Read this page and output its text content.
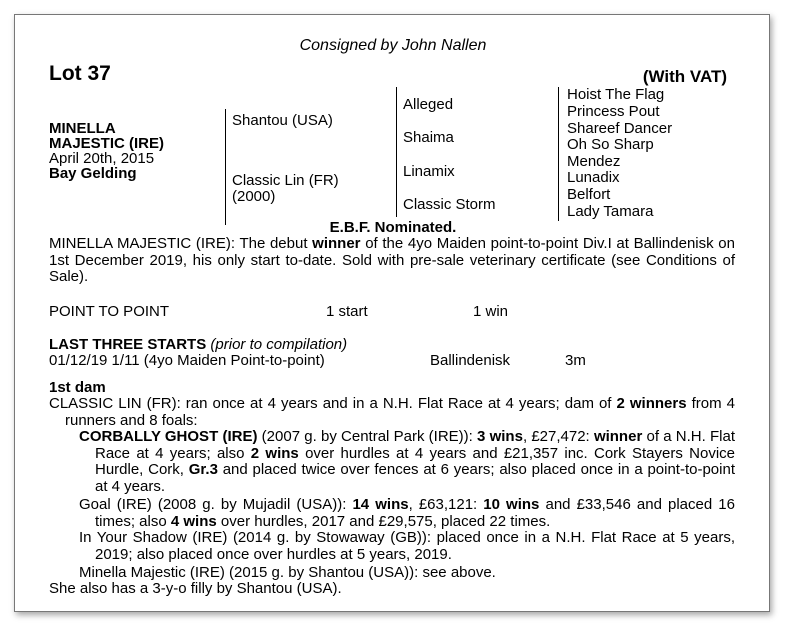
Consigned by John Nallen
Lot 37	(With VAT)
MINELLA
MAJESTIC (IRE)
April 20th, 2015
Bay Gelding
Shantou (USA)
Classic Lin (FR)
(2000)
Alleged
Shaima
Linamix
Classic Storm
Hoist The Flag
Princess Pout
Shareef Dancer
Oh So Sharp
Mendez
Lunadix
Belfort
Lady Tamara
E.B.F. Nominated.
MINELLA MAJESTIC (IRE): The debut winner of the 4yo Maiden point-to-point Div.I at Ballindenisk on 1st December 2019, his only start to-date. Sold with pre-sale veterinary certificate (see Conditions of Sale).
POINT TO POINT	1 start	1 win
LAST THREE STARTS (prior to compilation)
01/12/19 1/11 (4yo Maiden Point-to-point)	Ballindenisk	3m
1st dam
CLASSIC LIN (FR): ran once at 4 years and in a N.H. Flat Race at 4 years; dam of 2 winners from 4 runners and 8 foals:
CORBALLY GHOST (IRE) (2007 g. by Central Park (IRE)): 3 wins, £27,472: winner of a N.H. Flat Race at 4 years; also 2 wins over hurdles at 4 years and £21,357 inc. Cork Stayers Novice Hurdle, Cork, Gr.3 and placed twice over fences at 6 years; also placed once in a point-to-point at 4 years.
Goal (IRE) (2008 g. by Mujadil (USA)): 14 wins, £63,121: 10 wins and £33,546 and placed 16 times; also 4 wins over hurdles, 2017 and £29,575, placed 22 times.
In Your Shadow (IRE) (2014 g. by Stowaway (GB)): placed once in a N.H. Flat Race at 5 years, 2019; also placed once over hurdles at 5 years, 2019.
Minella Majestic (IRE) (2015 g. by Shantou (USA)): see above.
She also has a 3-y-o filly by Shantou (USA).
